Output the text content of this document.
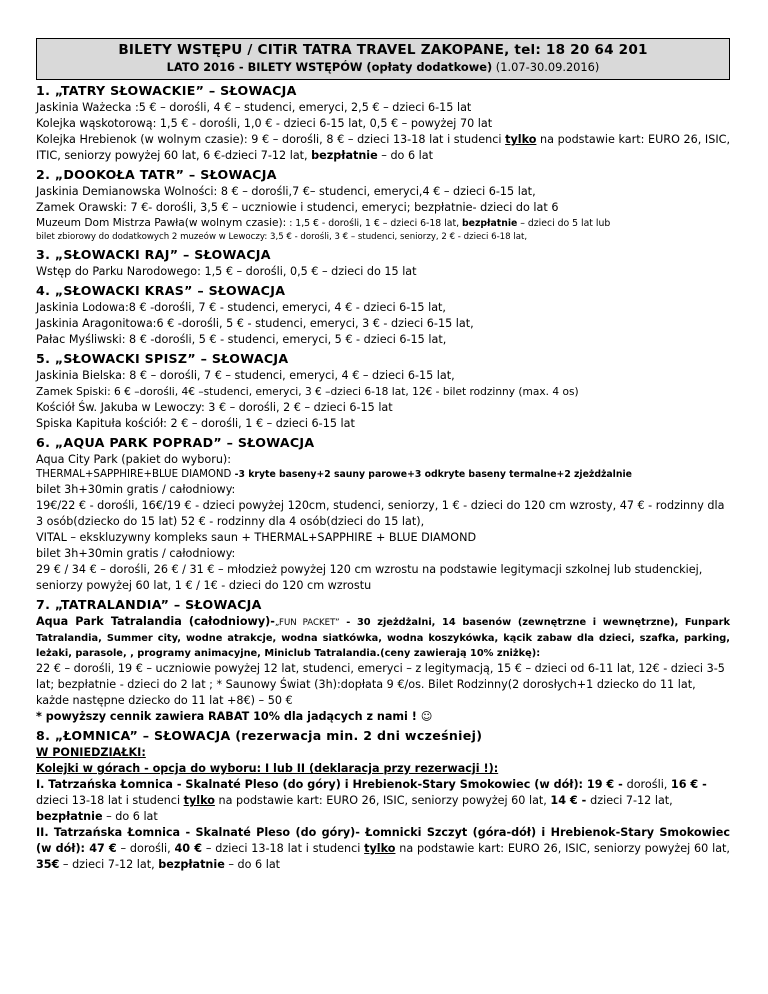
BILETY WSTĘPU / CITiR TATRA TRAVEL ZAKOPANE, tel: 18 20 64 201
LATO 2016 - BILETY WSTĘPÓW (opłaty dodatkowe) (1.07-30.09.2016)
1. „TATRY SŁOWACKIE” – SŁOWACJA
Jaskinia Ważecka :5 € – dorośli, 4 € – studenci, emeryci, 2,5 € – dzieci 6-15 lat
Kolejka wąskotorową: 1,5 € - dorośli, 1,0 € - dzieci 6-15 lat, 0,5 € – powyżej 70 lat
Kolejka Hrebienok (w wolnym czasie): 9 € – dorośli, 8 € – dzieci 13-18 lat i studenci tylko na podstawie kart: EURO 26, ISIC, ITIC, seniorzy powyżej 60 lat, 6 €-dzieci 7-12 lat, bezpłatnie – do 6 lat
2. „DOOKOŁA TATR” – SŁOWACJA
Jaskinia Demianowska Wolności: 8 € – dorośli,7 €– studenci, emeryci,4 € – dzieci 6-15 lat,
Zamek Orawski: 7 €- dorośli, 3,5 € – uczniowie i studenci, emeryci; bezpłatnie- dzieci do lat 6
Muzeum Dom Mistrza Pawła(w wolnym czasie): : 1,5 € - dorośli, 1 € – dzieci 6-18 lat, bezpłatnie – dzieci do 5 lat lub
bilet zbiorowy do dodatkowych 2 muzeów w Lewoczy: 3,5 € - dorośli, 3 € – studenci, seniorzy, 2 € - dzieci 6-18 lat,
3. „SŁOWACKI RAJ” – SŁOWACJA
Wstęp do Parku Narodowego: 1,5 € – dorośli, 0,5 € – dzieci do 15 lat
4. „SŁOWACKI KRAS” – SŁOWACJA
Jaskinia Lodowa:8 € -dorośli, 7 € - studenci, emeryci, 4 € - dzieci 6-15 lat,
Jaskinia Aragonitowa:6 € -dorośli, 5 € - studenci, emeryci, 3 € - dzieci 6-15 lat,
Pałac Myśliwski: 8 € -dorośli, 5 € - studenci, emeryci, 5 € - dzieci 6-15 lat,
5. „SŁOWACKI SPISZ” – SŁOWACJA
Jaskinia Bielska: 8 € – dorośli, 7 € – studenci, emeryci, 4 € – dzieci 6-15 lat,
Zamek Spiski: 6 € –dorośli, 4€ –studenci, emeryci, 3 € –dzieci 6-18 lat, 12€ - bilet rodzinny (max. 4 os)
Kościół Św. Jakuba w Lewoczy: 3 € – dorośli, 2 € – dzieci 6-15 lat
Spiska Kapituła kościół: 2 € – dorośli, 1 € – dzieci 6-15 lat
6. „AQUA PARK POPRAD” – SŁOWACJA
Aqua City Park (pakiet do wyboru):
THERMAL+SAPPHIRE+BLUE DIAMOND -3 kryte baseny+2 sauny parowe+3 odkryte baseny termalne+2 zjeżdżalnie
bilet 3h+30min gratis / całodniowy:
19€/22 € - dorośli, 16€/19 € - dzieci powyżej 120cm, studenci, seniorzy, 1 € - dzieci do 120 cm wzrosty, 47 € - rodzinny dla 3 osób(dziecko do 15 lat) 52 € - rodzinny dla 4 osób(dzieci do 15 lat),
VITAL – ekskluzywny kompleks saun + THERMAL+SAPPHIRE + BLUE DIAMOND
bilet 3h+30min gratis / całodniowy:
29 € / 34 € – dorośli, 26 € / 31 € – młodzież powyżej 120 cm wzrostu na podstawie legitymacji szkolnej lub studenckiej, seniorzy powyżej 60 lat, 1 € / 1€ - dzieci do 120 cm wzrostu
7. „TATRALANDIA” – SŁOWACJA
Aqua Park Tatralandia (całodniowy)-„FUN PACKET” - 30 zjeżdżalni, 14 basenów (zewnętrzne i wewnętrzne), Funpark Tatralandia, Summer city, wodne atrakcje, wodna siatkówka, wodna koszykówka, kącik zabaw dla dzieci, szafka, parking, leżaki, parasole, , programy animacyjne, Miniclub Tatralandia.(ceny zawierają 10% zniżkę):
22 € – dorośli, 19 € – uczniowie powyżej 12 lat, studenci, emeryci – z legitymacją, 15 € – dzieci od 6-11 lat, 12€ - dzieci 3-5 lat; bezpłatnie - dzieci do 2 lat ; * Saunowy Świat (3h):dopłata 9 €/os. Bilet Rodzinny(2 dorosłych+1 dziecko do 11 lat, każde następne dziecko do 11 lat +8€) – 50 €
* powyższy cennik zawiera RABAT 10% dla jadących z nami ! ☺
8. „ŁOMNICA” – SŁOWACJA (rezerwacja min. 2 dni wcześniej)
W PONIEDZIAŁKI:
Kolejki w górach - opcja do wyboru: I lub II (deklaracja przy rezerwacji !):
I. Tatrzańska Łomnica - Skalnaté Pleso (do góry) i Hrebienok-Stary Smokowiec (w dół): 19 € - dorośli, 16 € - dzieci 13-18 lat i studenci tylko na podstawie kart: EURO 26, ISIC, seniorzy powyżej 60 lat, 14 € - dzieci 7-12 lat, bezpłatnie – do 6 lat
II. Tatrzańska Łomnica - Skalnaté Pleso (do góry)- Łomnicki Szczyt (góra-dół) i Hrebienok-Stary Smokowiec (w dół): 47 € – dorośli, 40 € – dzieci 13-18 lat i studenci tylko na podstawie kart: EURO 26, ISIC, seniorzy powyżej 60 lat, 35€ – dzieci 7-12 lat, bezpłatnie – do 6 lat
